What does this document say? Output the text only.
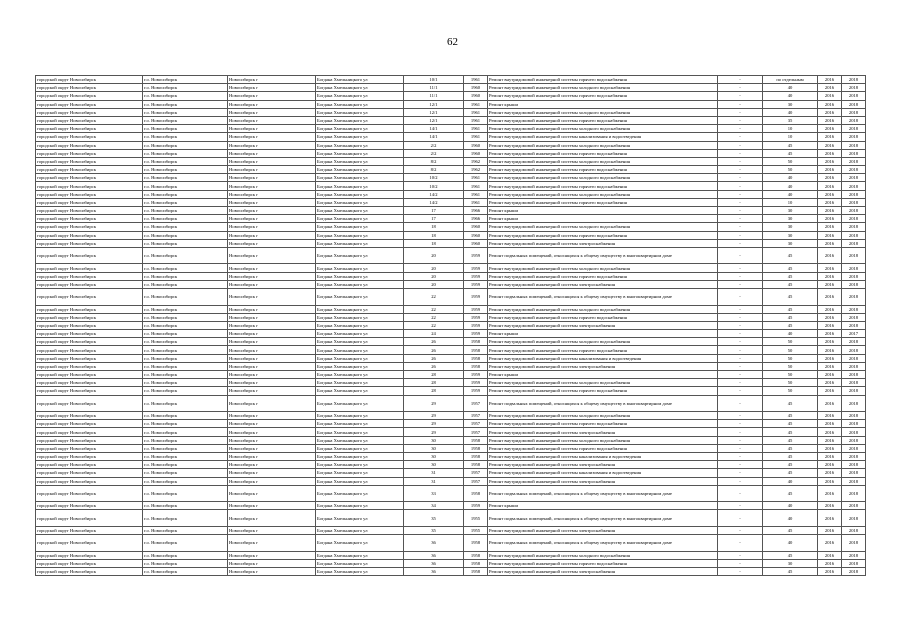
62
городской округ Новосибирск	г.о. Новосибирск	Новосибирск г	Богдана Хмельницкого ул	10/1	1961	Ремонт внутридомовой инженерной системы горячего водоснабжения	-	по отдельным	2016	2018
городской округ Новосибирск	г.о. Новосибирск	Новосибирск г	Богдана Хмельницкого ул	11/1	1960	Ремонт внутридомовой инженерной системы холодного водоснабжения	-	40	2016	2018
городской округ Новосибирск	г.о. Новосибирск	Новосибирск г	Богдана Хмельницкого ул	11/1	1960	Ремонт внутридомовой инженерной системы горячего водоснабжения	-	40	2016	2018
городской округ Новосибирск	г.о. Новосибирск	Новосибирск г	Богдана Хмельницкого ул	12/1	1961	Ремонт крыши	-	30	2016	2018
городской округ Новосибирск	г.о. Новосибирск	Новосибирск г	Богдана Хмельницкого ул	12/1	1961	Ремонт внутридомовой инженерной системы холодного водоснабжения	-	40	2016	2018
городской округ Новосибирск	г.о. Новосибирск	Новосибирск г	Богдана Хмельницкого ул	12/1	1961	Ремонт внутридомовой инженерной системы горячего водоснабжения	-	35	2016	2018
городской округ Новосибирск	г.о. Новосибирск	Новосибирск г	Богдана Хмельницкого ул	14/1	1961	Ремонт внутридомовой инженерной системы холодного водоснабжения	-	10	2016	2018
городской округ Новосибирск	г.о. Новосибирск	Новосибирск г	Богдана Хмельницкого ул	14/1	1961	Ремонт внутридомовой инженерной системы канализования и водоотведения	-	10	2016	2018
городской округ Новосибирск	г.о. Новосибирск	Новосибирск г	Богдана Хмельницкого ул	2/2	1960	Ремонт внутридомовой инженерной системы холодного водоснабжения	-	45	2016	2018
городской округ Новосибирск	г.о. Новосибирск	Новосибирск г	Богдана Хмельницкого ул	2/2	1960	Ремонт внутридомовой инженерной системы горячего водоснабжения	-	45	2016	2018
городской округ Новосибирск	г.о. Новосибирск	Новосибирск г	Богдана Хмельницкого ул	8/2	1962	Ремонт внутридомовой инженерной системы холодного водоснабжения	-	50	2016	2018
городской округ Новосибирск	г.о. Новосибирск	Новосибирск г	Богдана Хмельницкого ул	8/2	1962	Ремонт внутридомовой инженерной системы горячего водоснабжения	-	50	2016	2018
городской округ Новосибирск	г.о. Новосибирск	Новосибирск г	Богдана Хмельницкого ул	10/2	1961	Ремонт внутридомовой инженерной системы холодного водоснабжения	-	40	2016	2018
городской округ Новосибирск	г.о. Новосибирск	Новосибирск г	Богдана Хмельницкого ул	10/2	1961	Ремонт внутридомовой инженерной системы горячего водоснабжения	-	40	2016	2018
городской округ Новосибирск	г.о. Новосибирск	Новосибирск г	Богдана Хмельницкого ул	14/2	1961	Ремонт внутридомовой инженерной системы холодного водоснабжения	-	40	2016	2018
городской округ Новосибирск	г.о. Новосибирск	Новосибирск г	Богдана Хмельницкого ул	14/2	1961	Ремонт внутридомовой инженерной системы горячего водоснабжения	-	10	2016	2018
городской округ Новосибирск	г.о. Новосибирск	Новосибирск г	Богдана Хмельницкого ул	17	1966	Ремонт крыши	-	30	2016	2018
городской округ Новосибирск	г.о. Новосибирск	Новосибирск г	Богдана Хмельницкого ул	17	1966	Ремонт крыши	-	30	2016	2018
городской округ Новосибирск	г.о. Новосибирск	Новосибирск г	Богдана Хмельницкого ул	18	1960	Ремонт внутридомовой инженерной системы холодного водоснабжения	-	30	2016	2018
городской округ Новосибирск	г.о. Новосибирск	Новосибирск г	Богдана Хмельницкого ул	18	1960	Ремонт внутридомовой инженерной системы горячего водоснабжения	-	30	2016	2018
городской округ Новосибирск	г.о. Новосибирск	Новосибирск г	Богдана Хмельницкого ул	18	1960	Ремонт внутридомовой инженерной системы электроснабжения	-	30	2016	2018
городской округ Новосибирск	г.о. Новосибирск	Новосибирск г	Богдана Хмельницкого ул	20	1959	Ремонт подвальных помещений, относящихся к общему имуществу в многоквартирном доме	-	45	2016	2018
городской округ Новосибирск	г.о. Новосибирск	Новосибирск г	Богдана Хмельницкого ул	20	1959	Ремонт внутридомовой инженерной системы холодного водоснабжения	-	45	2016	2018
городской округ Новосибирск	г.о. Новосибирск	Новосибирск г	Богдана Хмельницкого ул	20	1959	Ремонт внутридомовой инженерной системы горячего водоснабжения	-	45	2016	2018
городской округ Новосибирск	г.о. Новосибирск	Новосибирск г	Богдана Хмельницкого ул	20	1959	Ремонт внутридомовой инженерной системы электроснабжения	-	45	2016	2018
городской округ Новосибирск	г.о. Новосибирск	Новосибирск г	Богдана Хмельницкого ул	22	1959	Ремонт подвальных помещений, относящихся к общему имуществу в многоквартирном доме	-	45	2016	2018
городской округ Новосибирск	г.о. Новосибирск	Новосибирск г	Богдана Хмельницкого ул	22	1959	Ремонт внутридомовой инженерной системы холодного водоснабжения	-	45	2016	2018
городской округ Новосибирск	г.о. Новосибирск	Новосибирск г	Богдана Хмельницкого ул	22	1959	Ремонт внутридомовой инженерной системы горячего водоснабжения	-	45	2016	2018
городской округ Новосибирск	г.о. Новосибирск	Новосибирск г	Богдана Хмельницкого ул	22	1959	Ремонт внутридомовой инженерной системы электроснабжения	-	45	2016	2018
городской округ Новосибирск	г.о. Новосибирск	Новосибирск г	Богдана Хмельницкого ул	24	1959	Ремонт крыши	-	40	2016	2017
городской округ Новосибирск	г.о. Новосибирск	Новосибирск г	Богдана Хмельницкого ул	26	1958	Ремонт внутридомовой инженерной системы холодного водоснабжения	-	50	2016	2018
городской округ Новосибирск	г.о. Новосибирск	Новосибирск г	Богдана Хмельницкого ул	26	1958	Ремонт внутридомовой инженерной системы горячего водоснабжения	-	50	2016	2018
городской округ Новосибирск	г.о. Новосибирск	Новосибирск г	Богдана Хмельницкого ул	26	1958	Ремонт внутридомовой инженерной системы канализования и водоотведения	-	50	2016	2018
городской округ Новосибирск	г.о. Новосибирск	Новосибирск г	Богдана Хмельницкого ул	26	1958	Ремонт внутридомовой инженерной системы электроснабжения	-	50	2016	2018
городской округ Новосибирск	г.о. Новосибирск	Новосибирск г	Богдана Хмельницкого ул	28	1959	Ремонт крыши	-	50	2016	2018
городской округ Новосибирск	г.о. Новосибирск	Новосибирск г	Богдана Хмельницкого ул	28	1959	Ремонт внутридомовой инженерной системы холодного водоснабжения	-	50	2016	2018
городской округ Новосибирск	г.о. Новосибирск	Новосибирск г	Богдана Хмельницкого ул	28	1959	Ремонт внутридомовой инженерной системы горячего водоснабжения	-	50	2016	2018
городской округ Новосибирск	г.о. Новосибирск	Новосибирск г	Богдана Хмельницкого ул	29	1957	Ремонт подвальных помещений, относящихся к общему имуществу в многоквартирном доме	-	45	2016	2018
городской округ Новосибирск	г.о. Новосибирск	Новосибирск г	Богдана Хмельницкого ул	29	1957	Ремонт внутридомовой инженерной системы холодного водоснабжения	-	45	2016	2018
городской округ Новосибирск	г.о. Новосибирск	Новосибирск г	Богдана Хмельницкого ул	29	1957	Ремонт внутридомовой инженерной системы горячего водоснабжения	-	45	2016	2018
городской округ Новосибирск	г.о. Новосибирск	Новосибирск г	Богдана Хмельницкого ул	29	1957	Ремонт внутридомовой инженерной системы электроснабжения	-	45	2016	2018
городской округ Новосибирск	г.о. Новосибирск	Новосибирск г	Богдана Хмельницкого ул	30	1958	Ремонт внутридомовой инженерной системы холодного водоснабжения	-	45	2016	2018
городской округ Новосибирск	г.о. Новосибирск	Новосибирск г	Богдана Хмельницкого ул	30	1958	Ремонт внутридомовой инженерной системы горячего водоснабжения	-	45	2016	2018
городской округ Новосибирск	г.о. Новосибирск	Новосибирск г	Богдана Хмельницкого ул	30	1958	Ремонт внутридомовой инженерной системы канализования и водоотведения	-	45	2016	2018
городской округ Новосибирск	г.о. Новосибирск	Новосибирск г	Богдана Хмельницкого ул	30	1958	Ремонт внутридомовой инженерной системы электроснабжения	-	45	2016	2018
городской округ Новосибирск	г.о. Новосибирск	Новосибирск г	Богдана Хмельницкого ул	31	1957	Ремонт внутридомовой инженерной системы канализования и водоотведения	-	45	2016	2018
городской округ Новосибирск	г.о. Новосибирск	Новосибирск г	Богдана Хмельницкого ул	31	1957	Ремонт внутридомовой инженерной системы электроснабжения	-	40	2016	2018
городской округ Новосибирск	г.о. Новосибирск	Новосибирск г	Богдана Хмельницкого ул	33	1958	Ремонт подвальных помещений, относящихся к общему имуществу в многоквартирном доме	-	45	2016	2018
городской округ Новосибирск	г.о. Новосибирск	Новосибирск г	Богдана Хмельницкого ул	34	1959	Ремонт крыши	-	40	2016	2018
городской округ Новосибирск	г.о. Новосибирск	Новосибирск г	Богдана Хмельницкого ул	35	1955	Ремонт подвальных помещений, относящихся к общему имуществу в многоквартирном доме	-	40	2016	2018
городской округ Новосибирск	г.о. Новосибирск	Новосибирск г	Богдана Хмельницкого ул	35	1955	Ремонт внутридомовой инженерной системы электроснабжения	-	45	2016	2018
городской округ Новосибирск	г.о. Новосибирск	Новосибирск г	Богдана Хмельницкого ул	36	1958	Ремонт подвальных помещений, относящихся к общему имуществу в многоквартирном доме	-	40	2016	2018
городской округ Новосибирск	г.о. Новосибирск	Новосибирск г	Богдана Хмельницкого ул	36	1958	Ремонт внутридомовой инженерной системы холодного водоснабжения	-	45	2016	2018
городской округ Новосибирск	г.о. Новосибирск	Новосибирск г	Богдана Хмельницкого ул	36	1958	Ремонт внутридомовой инженерной системы горячего водоснабжения	-	30	2016	2018
городской округ Новосибирск	г.о. Новосибирск	Новосибирск г	Богдана Хмельницкого ул	36	1958	Ремонт внутридомовой инженерной системы электроснабжения	-	45	2016	2018
